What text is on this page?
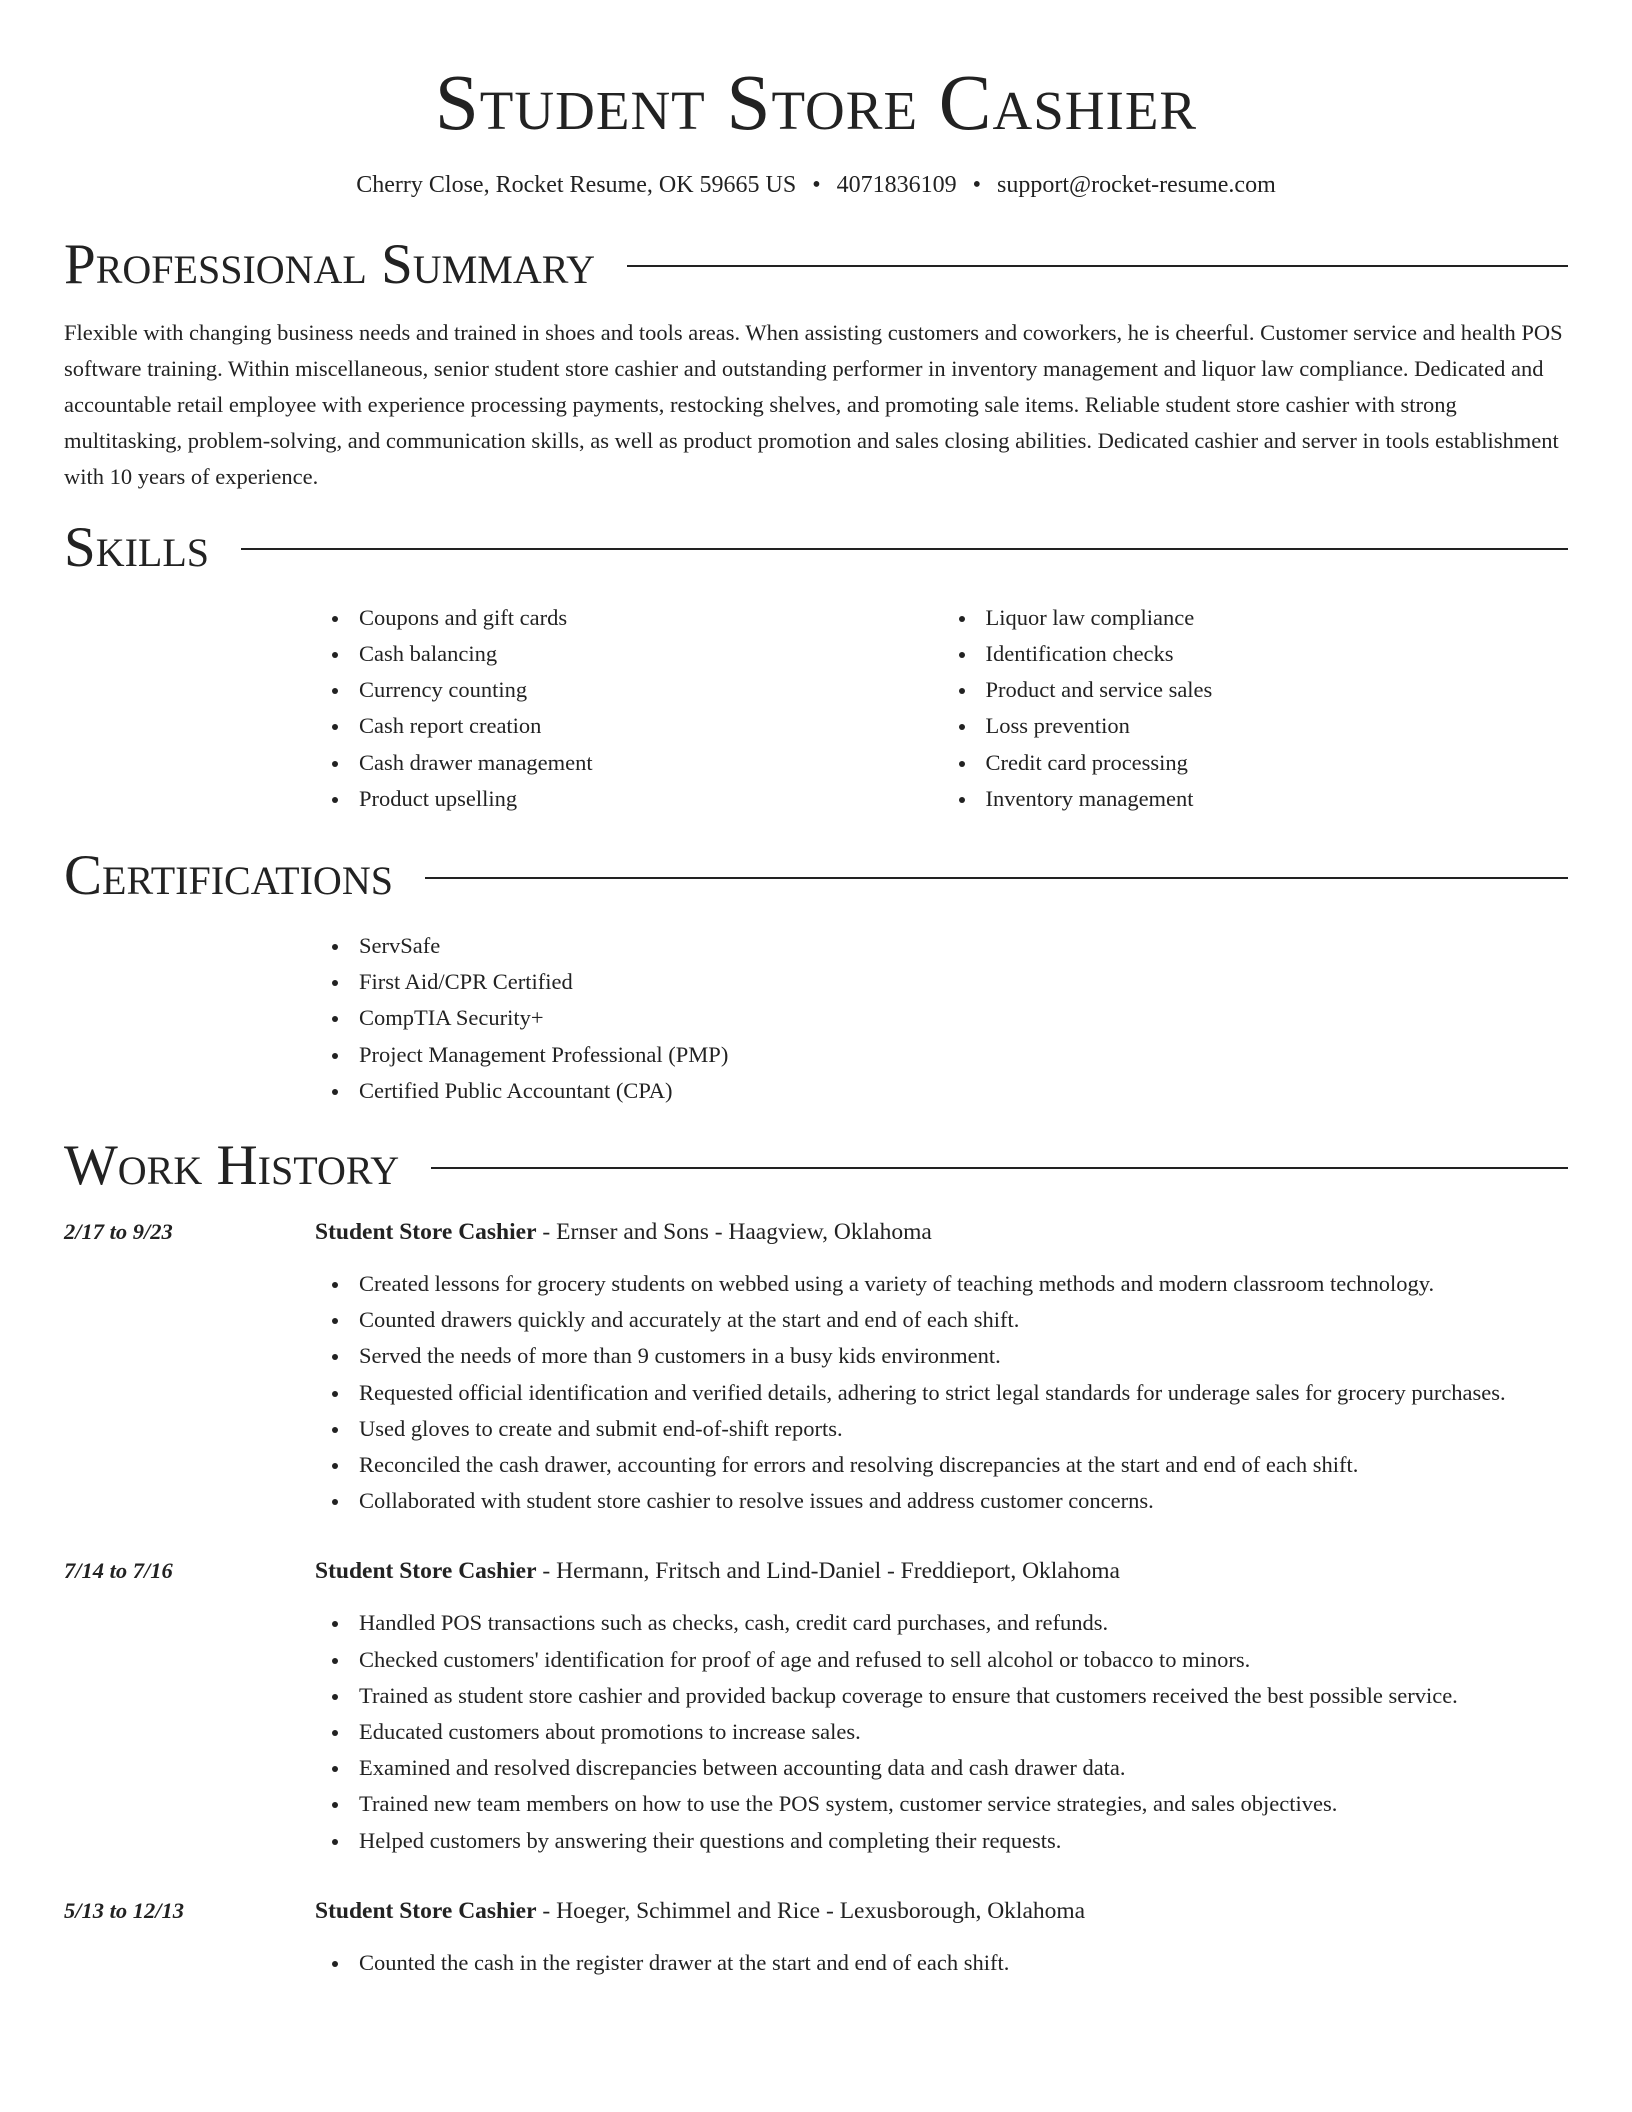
Student Store Cashier
Cherry Close, Rocket Resume, OK 59665 US • 4071836109 • support@rocket-resume.com
Professional Summary

Flexible with changing business needs and trained in shoes and tools areas. When assisting customers and coworkers, he is cheerful. Customer service and health POS software training. Within miscellaneous, senior student store cashier and outstanding performer in inventory management and liquor law compliance. Dedicated and accountable retail employee with experience processing payments, restocking shelves, and promoting sale items. Reliable student store cashier with strong multitasking, problem-solving, and communication skills, as well as product promotion and sales closing abilities. Dedicated cashier and server in tools establishment with 10 years of experience.

Skills
Coupons and gift cards
Cash balancing
Currency counting
Cash report creation
Cash drawer management
Product upselling
Liquor law compliance
Identification checks
Product and service sales
Loss prevention
Credit card processing
Inventory management
Certifications
ServSafe
First Aid/CPR Certified
CompTIA Security+
Project Management Professional (PMP)
Certified Public Accountant (CPA)
Work History
2/17 to 9/23	Student Store Cashier - Ernser and Sons - Haagview, Oklahoma
Created lessons for grocery students on webbed using a variety of teaching methods and modern classroom technology.
Counted drawers quickly and accurately at the start and end of each shift.
Served the needs of more than 9 customers in a busy kids environment.
Requested official identification and verified details, adhering to strict legal standards for underage sales for grocery purchases.
Used gloves to create and submit end-of-shift reports.
Reconciled the cash drawer, accounting for errors and resolving discrepancies at the start and end of each shift.
Collaborated with student store cashier to resolve issues and address customer concerns.
7/14 to 7/16	Student Store Cashier - Hermann, Fritsch and Lind-Daniel - Freddieport, Oklahoma
Handled POS transactions such as checks, cash, credit card purchases, and refunds.
Checked customers' identification for proof of age and refused to sell alcohol or tobacco to minors.
Trained as student store cashier and provided backup coverage to ensure that customers received the best possible service.
Educated customers about promotions to increase sales.
Examined and resolved discrepancies between accounting data and cash drawer data.
Trained new team members on how to use the POS system, customer service strategies, and sales objectives.
Helped customers by answering their questions and completing their requests.
5/13 to 12/13	Student Store Cashier - Hoeger, Schimmel and Rice - Lexusborough, Oklahoma
Counted the cash in the register drawer at the start and end of each shift.
